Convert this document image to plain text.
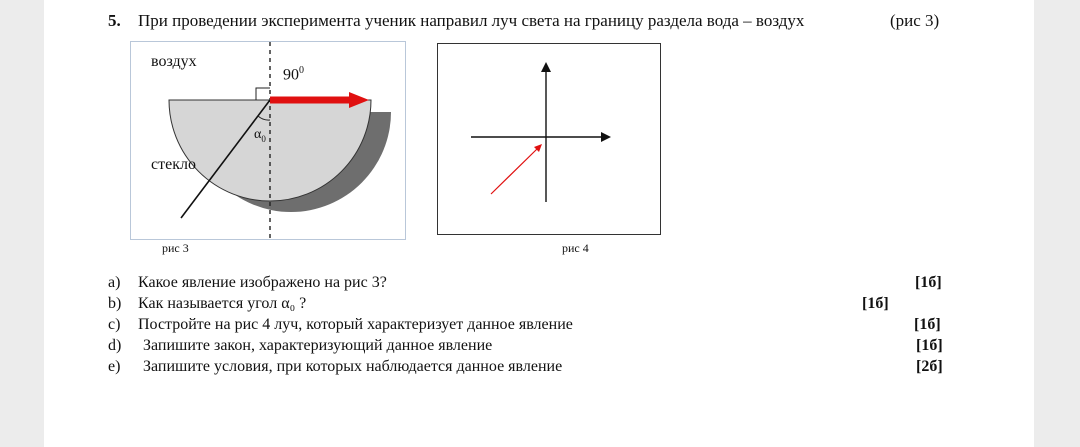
5. При проведении эксперимента ученик направил луч света на границу раздела вода – воздух	(рис 3)
воздух
стекло
$90^0$
$\alpha_0$
рис 3	рис 4
a) Какое явление изображено на рис 3?	[1б]
b) Как называется угол α₀ ?	[1б]
c) Постройте на рис 4 луч, который характеризует данное явление	[1б]
d) Запишите закон, характеризующий данное явление	[1б]
e) Запишите условия, при которых наблюдается данное явление	[2б]
